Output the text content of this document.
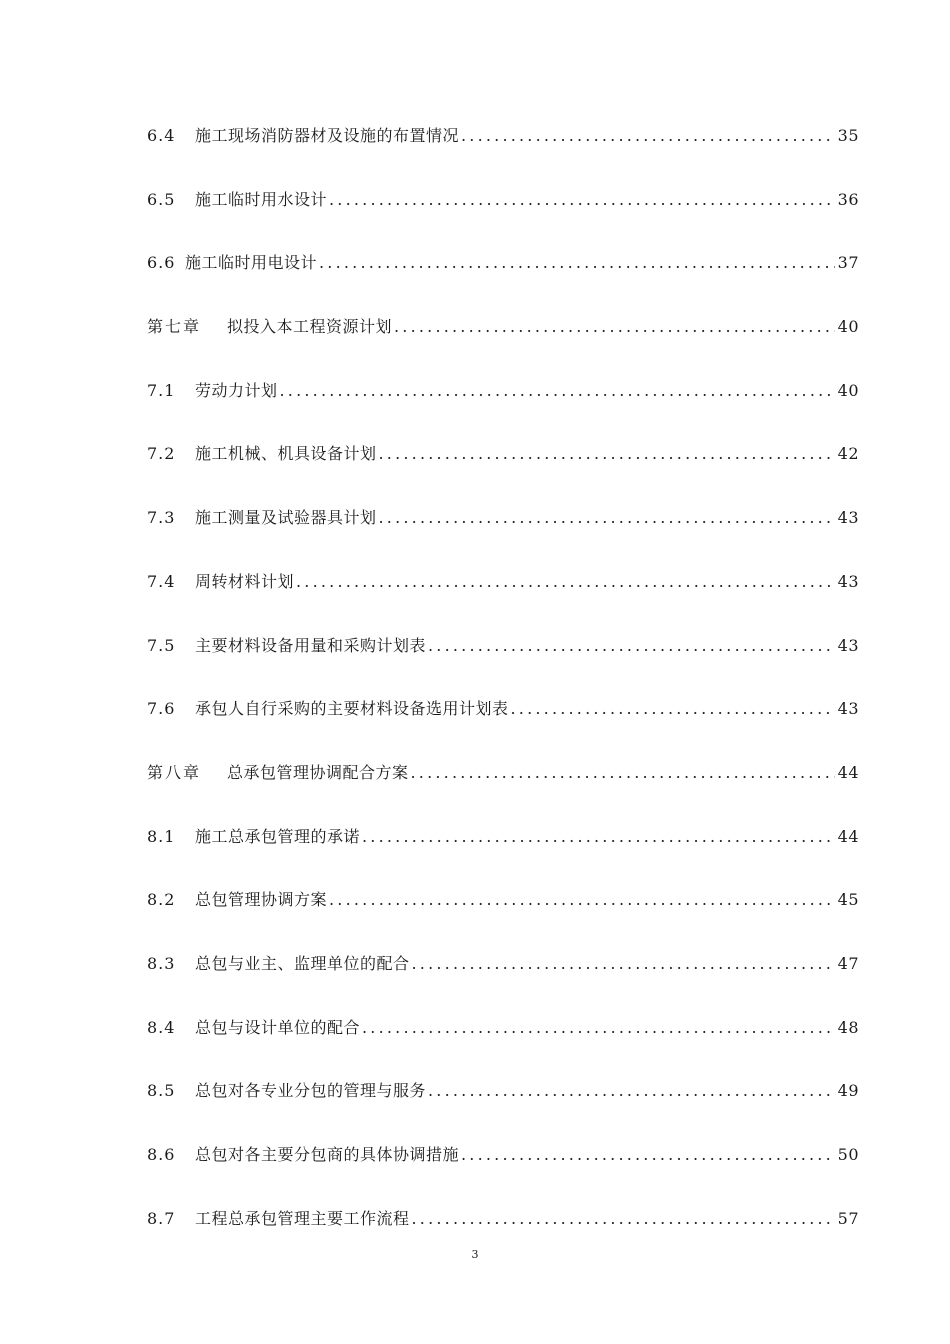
6.4	施工现场消防器材及设施的布置情况 .....	35
6.5	施工临时用水设计 .....	36
6.6 施工临时用电设计 .....	37
第七章	拟投入本工程资源计划 .....	40
7.1	劳动力计划 .....	40
7.2	施工机械、机具设备计划 .....	42
7.3	施工测量及试验器具计划 .....	43
7.4	周转材料计划 .....	43
7.5	主要材料设备用量和采购计划表 .....	43
7.6	承包人自行采购的主要材料设备选用计划表 .....	43
第八章	总承包管理协调配合方案 .....	44
8.1	施工总承包管理的承诺 .....	44
8.2	总包管理协调方案 .....	45
8.3	总包与业主、监理单位的配合 .....	47
8.4	总包与设计单位的配合 .....	48
8.5	总包对各专业分包的管理与服务 .....	49
8.6	总包对各主要分包商的具体协调措施 .....	50
8.7	工程总承包管理主要工作流程 .....	57
3
